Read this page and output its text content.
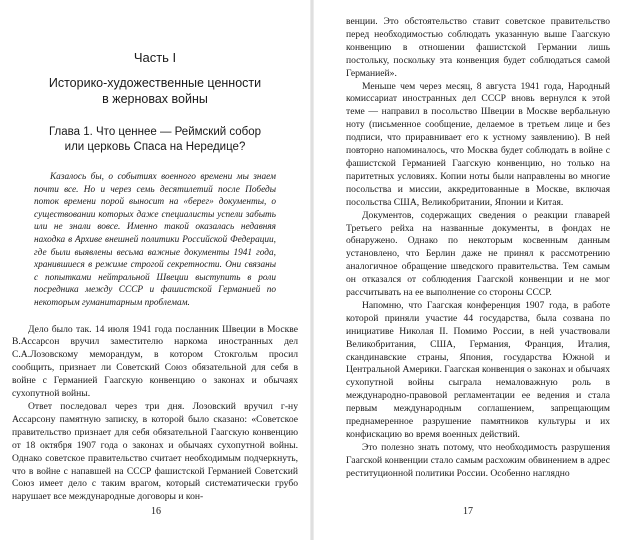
Часть I
Историко-художественные ценности
в жерновах войны
Глава 1. Что ценнее — Реймский собор
или церковь Спаса на Нередице?

Казалось бы, о событиях военного времени мы знаем почти все. Но и через семь десятилетий после Победы поток времени порой выносит на «берег» документы, о существовании которых даже специалисты успели забыть или не знали вовсе. Именно такой оказалась недавняя находка в Архиве внешней политики Российской Федерации, где были выявлены весьма важные документы 1941 года, хранившиеся в режиме строгой секретности. Они связаны с попытками нейтральной Швеции выступить в роли посредника между СССР и фашистской Германией по некоторым гуманитарным проблемам.

Дело было так. 14 июля 1941 года посланник Швеции в Москве В.Ассарсон вручил заместителю наркома иностранных дел С.А.Лозовскому меморандум, в котором Стокгольм просил сообщить, признает ли Советский Союз обязательной для себя в войне с Германией Гаагскую конвенцию о законах и обычаях сухопутной войны.

Ответ последовал через три дня. Лозовский вручил г-ну Ассарсону памятную записку, в которой было сказано: «Советское правительство признает для себя обязательной Гаагскую конвенцию от 18 октября 1907 года о законах и обычаях сухопутной войны. Однако советское правительство считает необходимым подчеркнуть, что в войне с напавшей на СССР фашистской Германией Советский Союз имеет дело с таким врагом, который систематически грубо нарушает все международные договоры и кон-

16

венции. Это обстоятельство ставит советское правительство перед необходимостью соблюдать указанную выше Гаагскую конвенцию в отношении фашистской Германии лишь постольку, поскольку эта конвенция будет соблюдаться самой Германией».

Меньше чем через месяц, 8 августа 1941 года, Народный комиссариат иностранных дел СССР вновь вернулся к этой теме — направил в посольство Швеции в Москве вербальную ноту (письменное сообщение, делаемое в третьем лице и без подписи, что приравнивает его к устному заявлению). В ней повторно напоминалось, что Москва будет соблюдать в войне с фашистской Германией Гаагскую конвенцию, но только на паритетных условиях. Копии ноты были направлены во многие посольства и миссии, аккредитованные в Москве, включая посольства США, Великобритании, Японии и Китая.

Документов, содержащих сведения о реакции главарей Третьего рейха на названные документы, в фондах не обнаружено. Однако по некоторым косвенным данным установлено, что Берлин даже не принял к рассмотрению аналогичное обращение шведского правительства. Тем самым он отказался от соблюдения Гаагской конвенции и не мог рассчитывать на ее выполнение со стороны СССР.

Напомню, что Гаагская конференция 1907 года, в работе которой приняли участие 44 государства, была созвана по инициативе Николая II. Помимо России, в ней участвовали Великобритания, США, Германия, Франция, Италия, скандинавские страны, Япония, государства Южной и Центральной Америки. Гаагская конвенция о законах и обычаях сухопутной войны сыграла немаловажную роль в международно-правовой регламентации ее ведения и стала первым международным соглашением, запрещающим преднамеренное разрушение памятников культуры и их конфискацию во время военных действий.

Это полезно знать потому, что необходимость разрушения Гаагской конвенции стало самым расхожим обвинением в адрес реституционной политики России. Особенно наглядно

17
